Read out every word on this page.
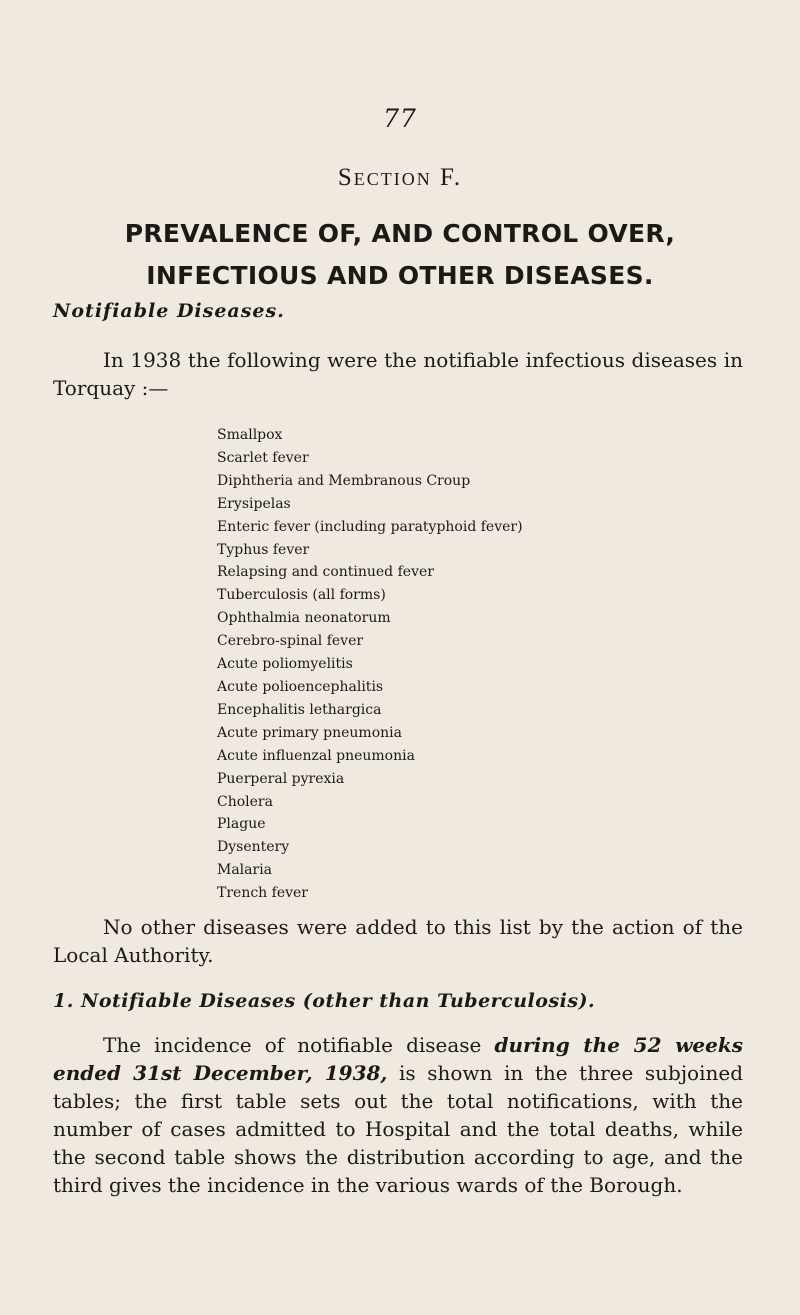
77
Section F.
PREVALENCE OF, AND CONTROL OVER,
INFECTIOUS AND OTHER DISEASES.
Notifiable Diseases.
In 1938 the following were the notifiable infectious diseases in Torquay :—
Smallpox
Scarlet fever
Diphtheria and Membranous Croup
Erysipelas
Enteric fever (including paratyphoid fever)
Typhus fever
Relapsing and continued fever
Tuberculosis (all forms)
Ophthalmia neonatorum
Cerebro-spinal fever
Acute poliomyelitis
Acute polioencephalitis
Encephalitis lethargica
Acute primary pneumonia
Acute influenzal pneumonia
Puerperal pyrexia
Cholera
Plague
Dysentery
Malaria
Trench fever
No other diseases were added to this list by the action of the Local Authority.
1. Notifiable Diseases (other than Tuberculosis).
The incidence of notifiable disease during the 52 weeks ended 31st December, 1938, is shown in the three subjoined tables; the first table sets out the total notifications, with the number of cases admitted to Hospital and the total deaths, while the second table shows the distribution according to age, and the third gives the incidence in the various wards of the Borough.
